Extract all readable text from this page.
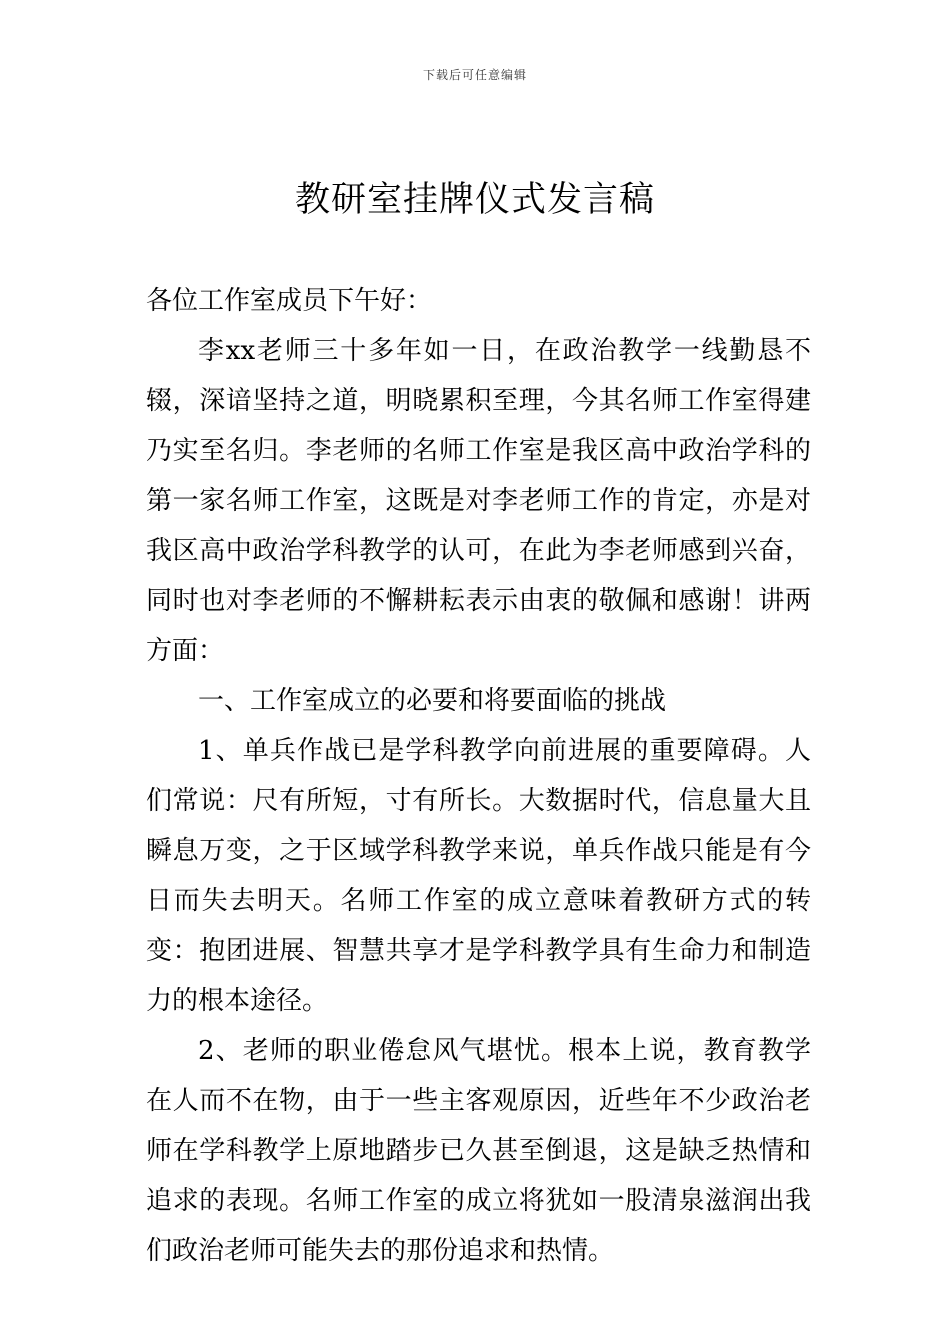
下载后可任意编辑
教研室挂牌仪式发言稿

各位工作室成员下午好：

李xx老师三十多年如一日，在政治教学一线勤恳不辍，深谙坚持之道，明晓累积至理，今其名师工作室得建乃实至名归。李老师的名师工作室是我区高中政治学科的第一家名师工作室，这既是对李老师工作的肯定，亦是对我区高中政治学科教学的认可，在此为李老师感到兴奋，同时也对李老师的不懈耕耘表示由衷的敬佩和感谢！讲两方面：

一、工作室成立的必要和将要面临的挑战

1、单兵作战已是学科教学向前进展的重要障碍。人们常说：尺有所短，寸有所长。大数据时代，信息量大且瞬息万变，之于区域学科教学来说，单兵作战只能是有今日而失去明天。名师工作室的成立意味着教研方式的转变：抱团进展、智慧共享才是学科教学具有生命力和制造力的根本途径。

2、老师的职业倦怠风气堪忧。根本上说，教育教学在人而不在物，由于一些主客观原因，近些年不少政治老师在学科教学上原地踏步已久甚至倒退，这是缺乏热情和追求的表现。名师工作室的成立将犹如一股清泉滋润出我们政治老师可能失去的那份追求和热情。
